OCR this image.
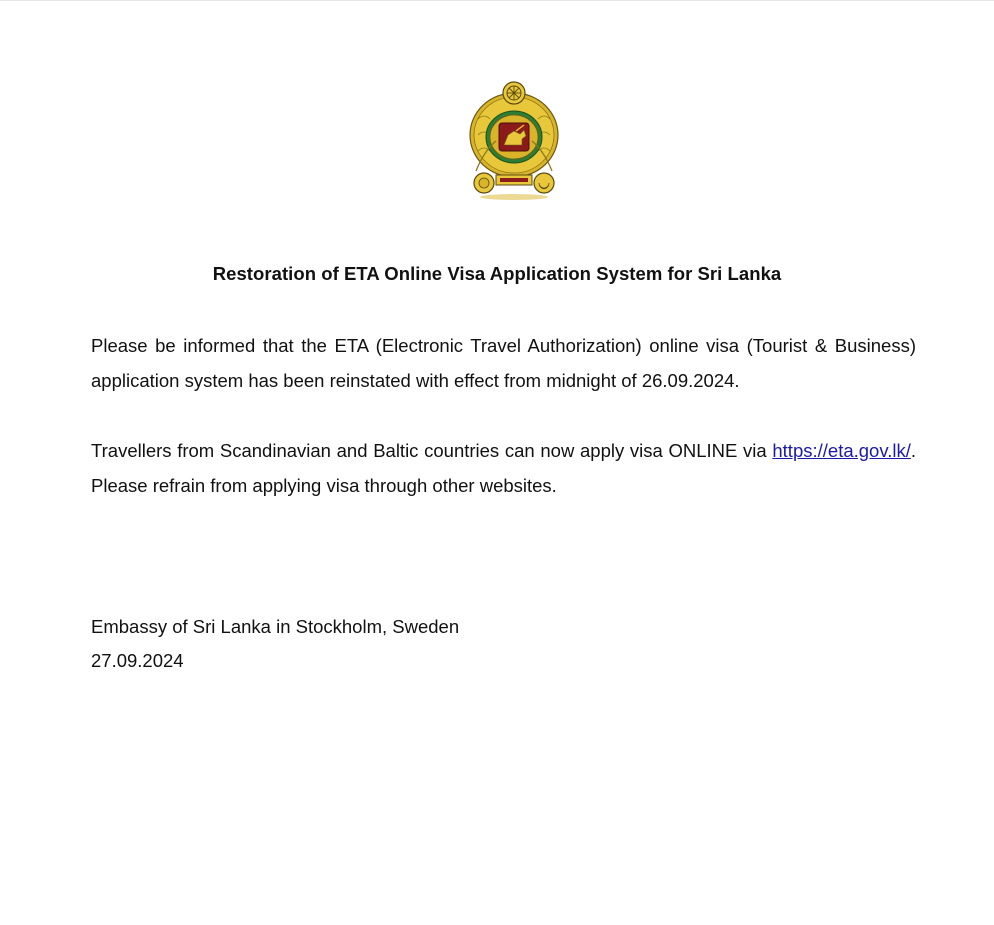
Restoration of ETA Online Visa Application System for Sri Lanka
Please be informed that the ETA (Electronic Travel Authorization) online visa (Tourist & Business) application system has been reinstated with effect from midnight of 26.09.2024.
Travellers from Scandinavian and Baltic countries can now apply visa ONLINE via https://eta.gov.lk/. Please refrain from applying visa through other websites.
Embassy of Sri Lanka in Stockholm, Sweden
27.09.2024
